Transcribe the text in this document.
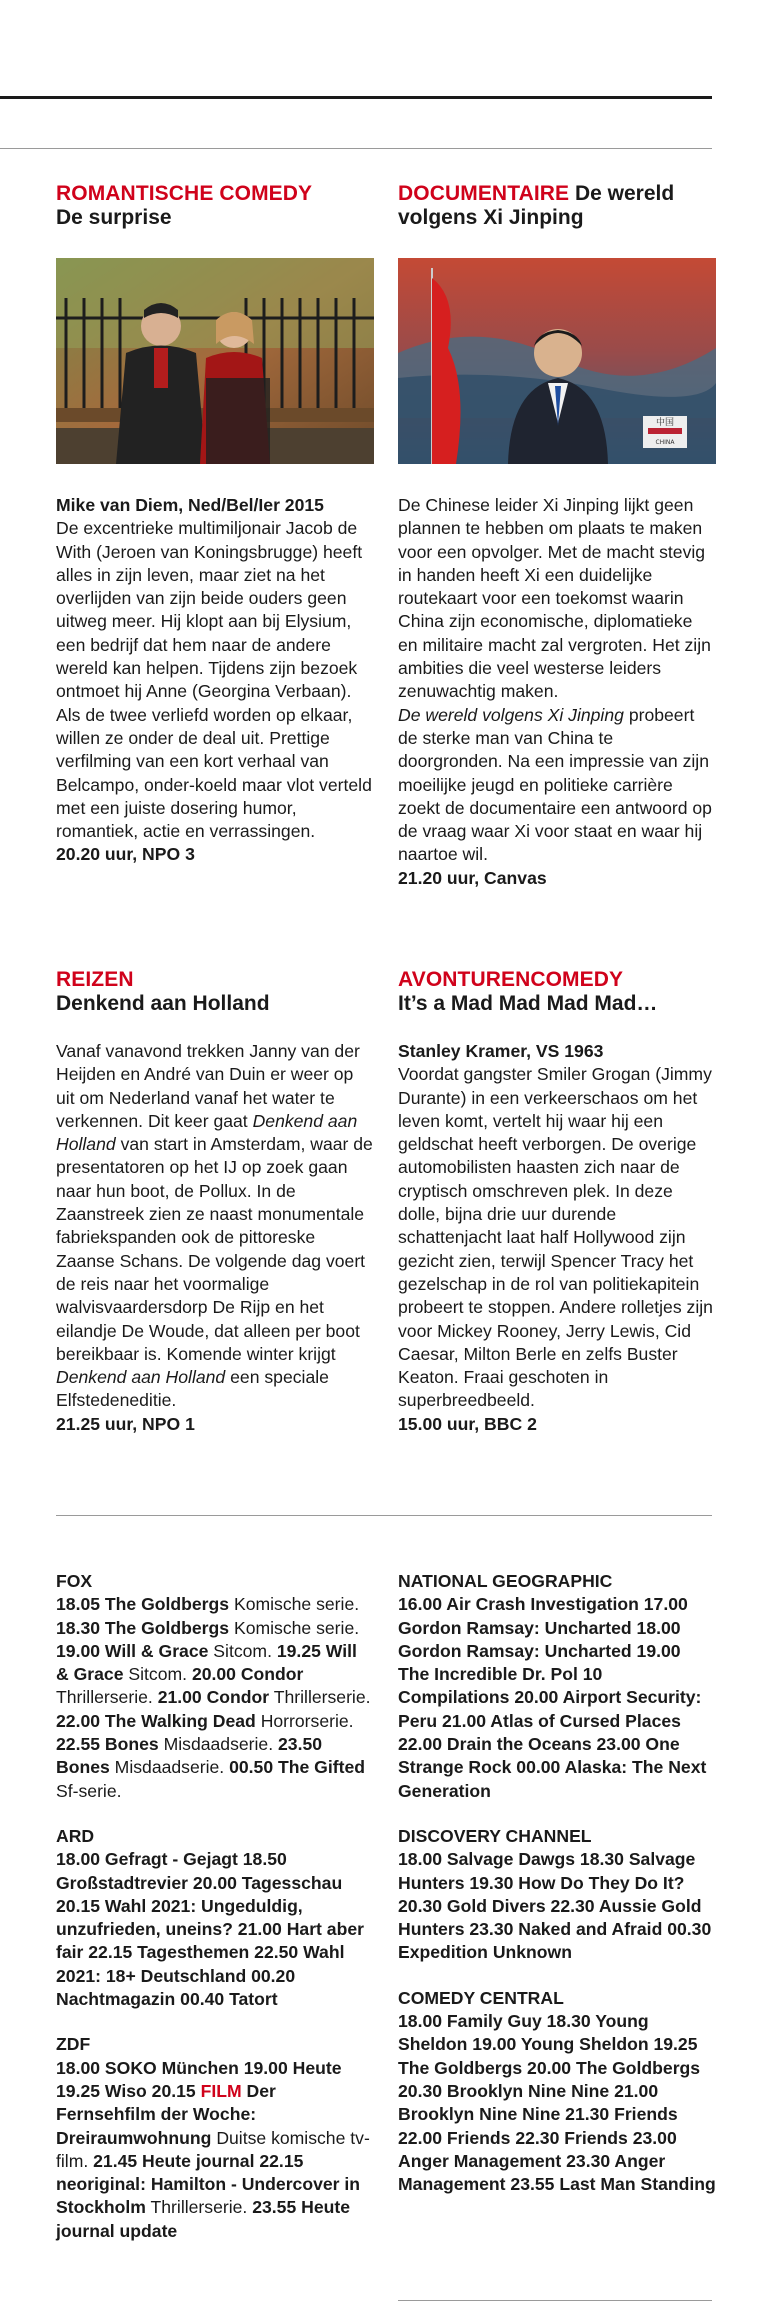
ROMANTISCHE COMEDY
De surprise

Mike van Diem, Ned/Bel/Ier 2015
De excentrieke multimiljonair Jacob de With (Jeroen van Koningsbrugge) heeft alles in zijn leven, maar ziet na het overlijden van zijn beide ouders geen uitweg meer. Hij klopt aan bij Elysium, een bedrijf dat hem naar de andere wereld kan helpen. Tijdens zijn bezoek ontmoet hij Anne (Georgina Verbaan). Als de twee verliefd worden op elkaar, willen ze onder de deal uit. Prettige verfilming van een kort verhaal van Belcampo, onder-koeld maar vlot verteld met een juiste dosering humor, romantiek, actie en verrassingen.

20.20 uur, NPO 3
DOCUMENTAIRE De wereld volgens Xi Jinping
中国
CHINA

De Chinese leider Xi Jinping lijkt geen plannen te hebben om plaats te maken voor een opvolger. Met de macht stevig in handen heeft Xi een duidelijke routekaart voor een toekomst waarin China zijn economische, diplomatieke en militaire macht zal vergroten. Het zijn ambities die veel westerse leiders zenuwachtig maken.
De wereld volgens Xi Jinping probeert de sterke man van China te doorgronden. Na een impressie van zijn moeilijke jeugd en politieke carrière zoekt de documentaire een antwoord op de vraag waar Xi voor staat en waar hij naartoe wil.

21.20 uur, Canvas
REIZEN
Denkend aan Holland

Vanaf vanavond trekken Janny van der Heijden en André van Duin er weer op uit om Nederland vanaf het water te verkennen. Dit keer gaat Denkend aan Holland van start in Amsterdam, waar de presentatoren op het IJ op zoek gaan naar hun boot, de Pollux. In de Zaanstreek zien ze naast monumentale fabriekspanden ook de pittoreske Zaanse Schans. De volgende dag voert de reis naar het voormalige walvisvaardersdorp De Rijp en het eilandje De Woude, dat alleen per boot bereikbaar is. Komende winter krijgt Denkend aan Holland een speciale Elfstedeneditie.

21.25 uur, NPO 1
AVONTURENCOMEDY
It’s a Mad Mad Mad Mad…

Stanley Kramer, VS 1963
Voordat gangster Smiler Grogan (Jimmy Durante) in een verkeerschaos om het leven komt, vertelt hij waar hij een geldschat heeft verborgen. De overige automobilisten haasten zich naar de cryptisch omschreven plek. In deze dolle, bijna drie uur durende schattenjacht laat half Hollywood zijn gezicht zien, terwijl Spencer Tracy het gezelschap in de rol van politiekapitein probeert te stoppen. Andere rolletjes zijn voor Mickey Rooney, Jerry Lewis, Cid Caesar, Milton Berle en zelfs Buster Keaton. Fraai geschoten in superbreedbeeld.

15.00 uur, BBC 2
FOX

18.05 The Goldbergs Komische serie. 18.30 The Goldbergs Komische serie. 19.00 Will & Grace Sitcom. 19.25 Will & Grace Sitcom. 20.00 Condor Thrillerserie. 21.00 Condor Thrillerserie. 22.00 The Walking Dead Horrorserie. 22.55 Bones Misdaadserie. 23.50 Bones Misdaadserie. 00.50 The Gifted Sf-serie.

ARD

18.00 Gefragt - Gejagt 18.50 Großstadtrevier 20.00 Tagesschau 20.15 Wahl 2021: Ungeduldig, unzufrieden, uneins? 21.00 Hart aber fair 22.15 Tagesthemen 22.50 Wahl 2021: 18+ Deutschland 00.20 Nachtmagazin 00.40 Tatort

ZDF

18.00 SOKO München 19.00 Heute 19.25 Wiso 20.15 FILM Der Fernsehfilm der Woche: Dreiraumwohnung Duitse komische tv-film. 21.45 Heute journal 22.15 neoriginal: Hamilton - Undercover in Stockholm Thrillerserie. 23.55 Heute journal update

NATIONAL GEOGRAPHIC

16.00 Air Crash Investigation 17.00 Gordon Ramsay: Uncharted 18.00 Gordon Ramsay: Uncharted 19.00 The Incredible Dr. Pol 10 Compilations 20.00 Airport Security: Peru 21.00 Atlas of Cursed Places 22.00 Drain the Oceans 23.00 One Strange Rock 00.00 Alaska: The Next Generation

DISCOVERY CHANNEL

18.00 Salvage Dawgs 18.30 Salvage Hunters 19.30 How Do They Do It? 20.30 Gold Divers 22.30 Aussie Gold Hunters 23.30 Naked and Afraid 00.30 Expedition Unknown

COMEDY CENTRAL

18.00 Family Guy 18.30 Young Sheldon 19.00 Young Sheldon 19.25 The Goldbergs 20.00 The Goldbergs 20.30 Brooklyn Nine Nine 21.00 Brooklyn Nine Nine 21.30 Friends 22.00 Friends 22.30 Friends 23.00 Anger Management 23.30 Anger Management 23.55 Last Man Standing
